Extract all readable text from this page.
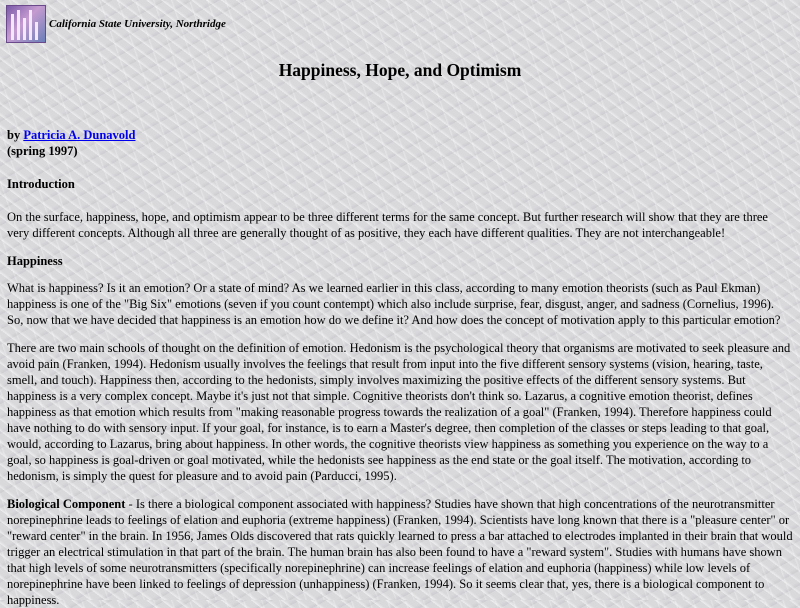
California State University, Northridge
Happiness, Hope, and Optimism

by Patricia A. Dunavold

(spring 1997)

Introduction

On the surface, happiness, hope, and optimism appear to be three different terms for the same concept. But further research will show that they are three very different concepts. Although all three are generally thought of as positive, they each have different qualities. They are not interchangeable!

Happiness

What is happiness? Is it an emotion? Or a state of mind? As we learned earlier in this class, according to many emotion theorists (such as Paul Ekman) happiness is one of the "Big Six" emotions (seven if you count contempt) which also include surprise, fear, disgust, anger, and sadness (Cornelius, 1996). So, now that we have decided that happiness is an emotion how do we define it? And how does the concept of motivation apply to this particular emotion?

There are two main schools of thought on the definition of emotion. Hedonism is the psychological theory that organisms are motivated to seek pleasure and avoid pain (Franken, 1994). Hedonism usually involves the feelings that result from input into the five different sensory systems (vision, hearing, taste, smell, and touch). Happiness then, according to the hedonists, simply involves maximizing the positive effects of the different sensory systems. But happiness is a very complex concept. Maybe it's just not that simple. Cognitive theorists don't think so. Lazarus, a cognitive emotion theorist, defines happiness as that emotion which results from "making reasonable progress towards the realization of a goal" (Franken, 1994). Therefore happiness could have nothing to do with sensory input. If your goal, for instance, is to earn a Master's degree, then completion of the classes or steps leading to that goal, would, according to Lazarus, bring about happiness. In other words, the cognitive theorists view happiness as something you experience on the way to a goal, so happiness is goal-driven or goal motivated, while the hedonists see happiness as the end state or the goal itself. The motivation, according to hedonism, is simply the quest for pleasure and to avoid pain (Parducci, 1995).

Biological Component - Is there a biological component associated with happiness? Studies have shown that high concentrations of the neurotransmitter norepinephrine leads to feelings of elation and euphoria (extreme happiness) (Franken, 1994). Scientists have long known that there is a "pleasure center" or "reward center" in the brain. In 1956, James Olds discovered that rats quickly learned to press a bar attached to electrodes implanted in their brain that would trigger an electrical stimulation in that part of the brain. The human brain has also been found to have a "reward system". Studies with humans have shown that high levels of some neurotransmitters (specifically norepinephrine) can increase feelings of elation and euphoria (happiness) while low levels of norepinephrine have been linked to feelings of depression (unhappiness) (Franken, 1994). So it seems clear that, yes, there is a biological component to happiness.
